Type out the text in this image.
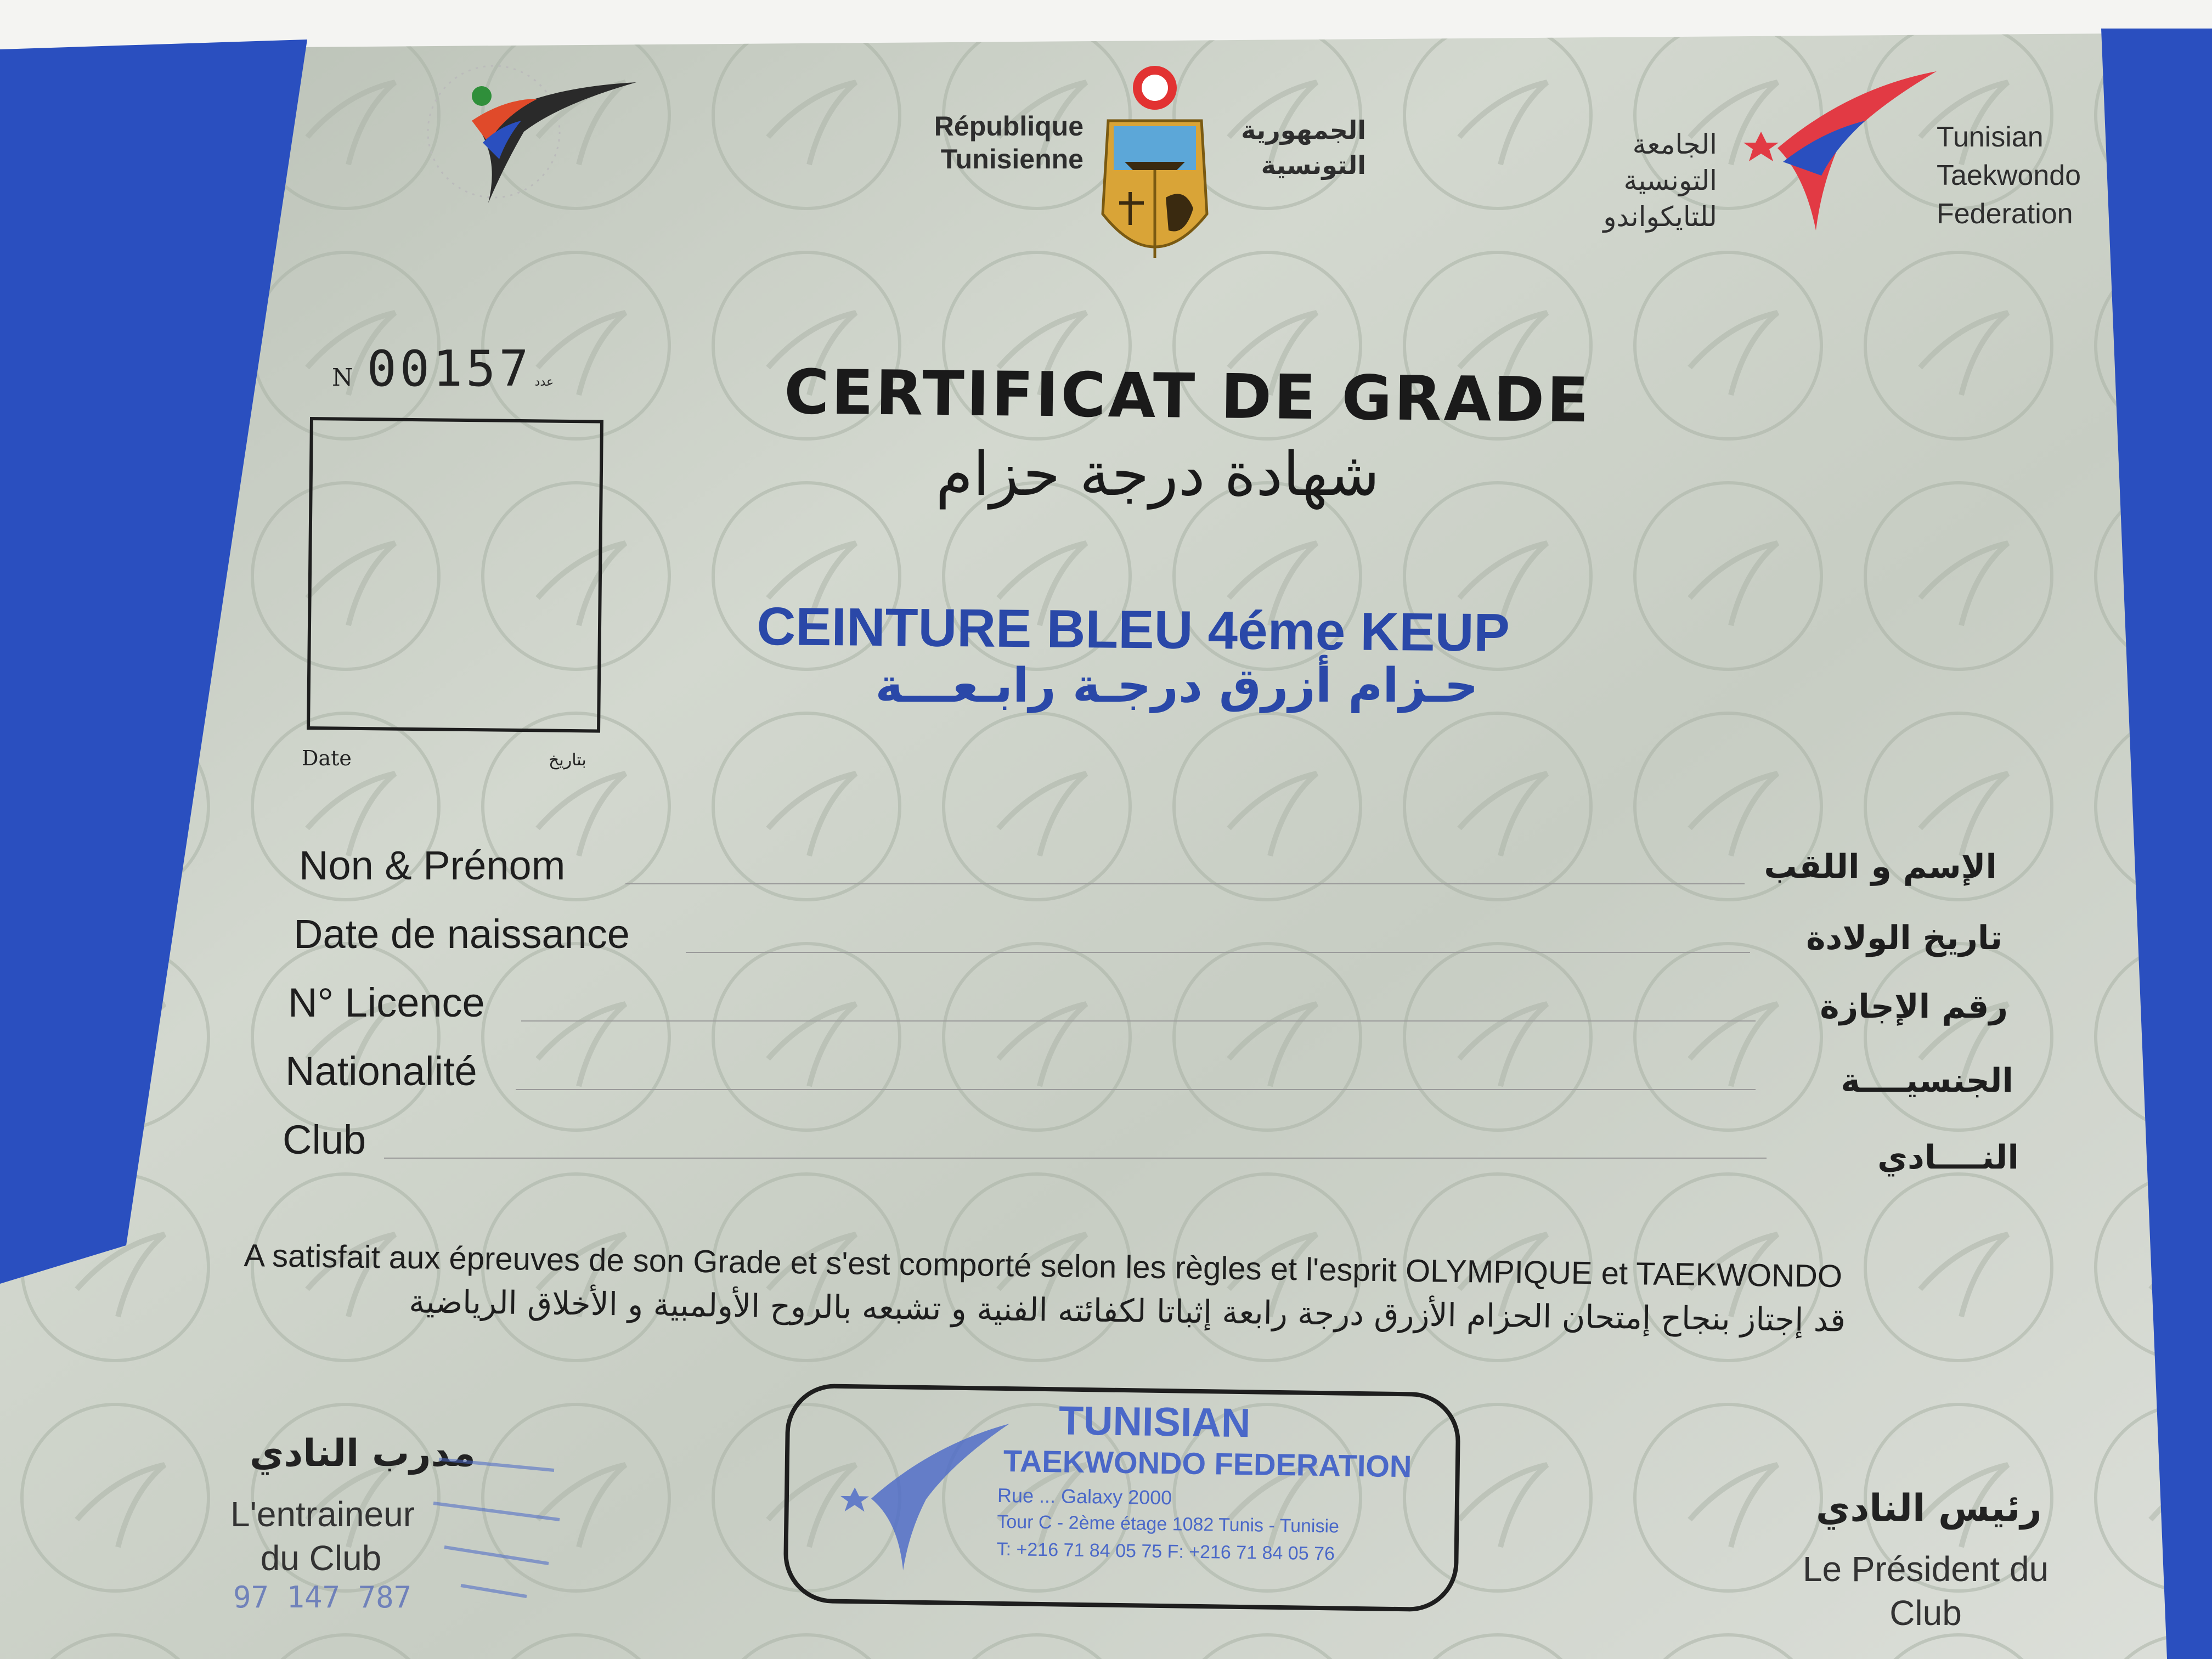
République
Tunisienne
الجمهورية
التونسية
الجامعة
التونسية
للتايكواندو
Tunisian
Taekwondo
Federation
N 00157 عدد
Date	بتاريخ
CERTIFICAT DE GRADE
شهادة درجة حزام
CEINTURE BLEU 4éme KEUP
حـزام أزرق درجـة رابـعـــة
Non & Prénom	الإسم و اللقب
Date de naissance	تاريخ الولادة
N° Licence	رقم الإجازة
Nationalité	الجنسيــــة
Club	النــــادي
A satisfait aux épreuves de son Grade et s'est comporté selon les règles et l'esprit OLYMPIQUE et TAEKWONDO
قد إجتاز بنجاح إمتحان الحزام الأزرق درجة رابعة إثباتا لكفائته الفنية و تشبعه بالروح الأولمبية و الأخلاق الرياضية
مدرب النادي
L'entraineur
du Club
97 147 787
رئيس النادي
Le Président du
Club
TUNISIAN
TAEKWONDO FEDERATION
Rue ... Galaxy 2000
Tour C - 2ème étage 1082 Tunis - Tunisie
T: +216 71 84 05 75 F: +216 71 84 05 76
